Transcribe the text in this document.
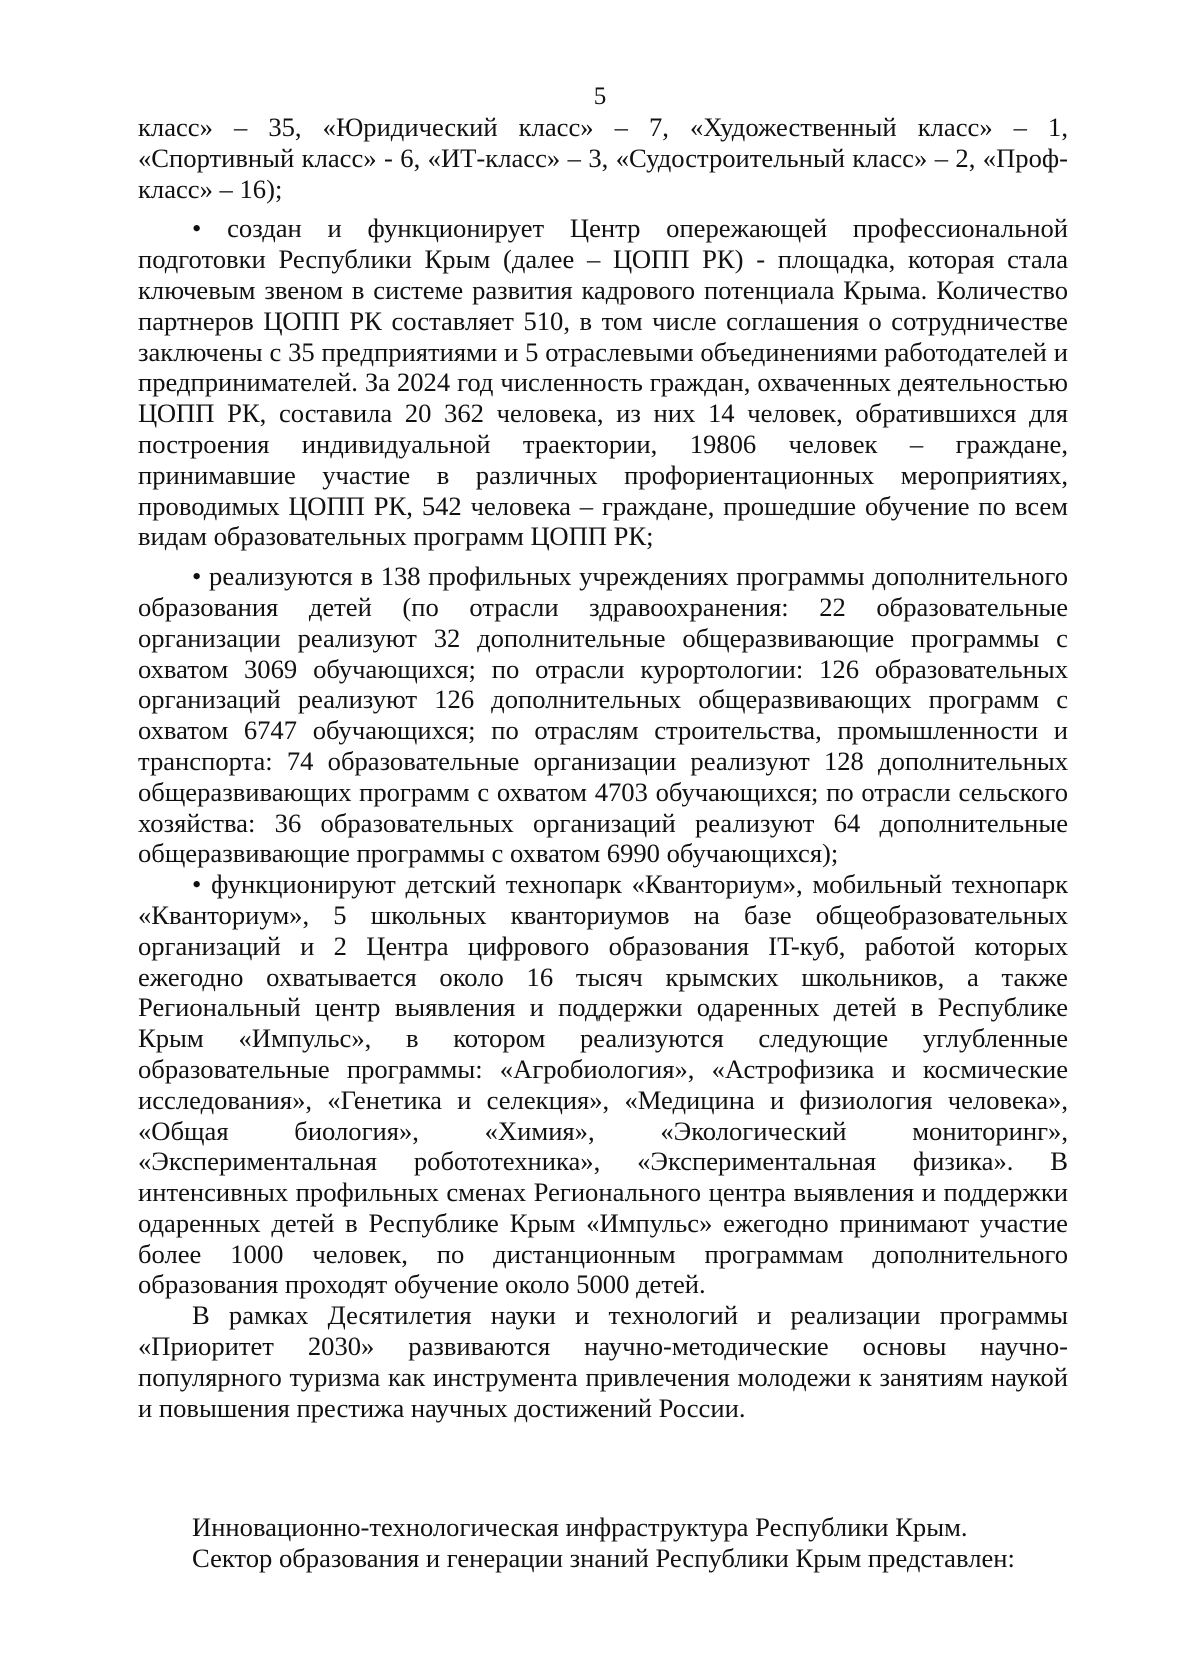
5

класс» – 35, «Юридический класс» – 7, «Художественный класс» – 1, «Спортивный класс» - 6, «ИТ-класс» – 3, «Судостроительный класс» – 2, «Проф-класс» – 16);

• создан и функционирует Центр опережающей профессиональной подготовки Республики Крым (далее – ЦОПП РК) - площадка, которая стала ключевым звеном в системе развития кадрового потенциала Крыма. Количество партнеров ЦОПП РК составляет 510, в том числе соглашения о сотрудничестве заключены с 35 предприятиями и 5 отраслевыми объединениями работодателей и предпринимателей. За 2024 год численность граждан, охваченных деятельностью ЦОПП РК, составила 20 362 человека, из них 14 человек, обратившихся для построения индивидуальной траектории, 19806 человек – граждане, принимавшие участие в различных профориентационных мероприятиях, проводимых ЦОПП РК, 542 человека – граждане, прошедшие обучение по всем видам образовательных программ ЦОПП РК;

• реализуются в 138 профильных учреждениях программы дополнительного образования детей (по отрасли здравоохранения: 22 образовательные организации реализуют 32 дополнительные общеразвивающие программы с охватом 3069 обучающихся; по отрасли курортологии: 126 образовательных организаций реализуют 126 дополнительных общеразвивающих программ с охватом 6747 обучающихся; по отраслям строительства, промышленности и транспорта: 74 образовательные организации реализуют 128 дополнительных общеразвивающих программ с охватом 4703 обучающихся; по отрасли сельского хозяйства: 36 образовательных организаций реализуют 64 дополнительные общеразвивающие программы с охватом 6990 обучающихся);

• функционируют детский технопарк «Кванториум», мобильный технопарк «Кванториум», 5 школьных кванториумов на базе общеобразовательных организаций и 2 Центра цифрового образования IT-куб, работой которых ежегодно охватывается около 16 тысяч крымских школьников, а также Региональный центр выявления и поддержки одаренных детей в Республике Крым «Импульс», в котором реализуются следующие углубленные образовательные программы: «Агробиология», «Астрофизика и космические исследования», «Генетика и селекция», «Медицина и физиология человека», «Общая биология», «Химия», «Экологический мониторинг», «Экспериментальная робототехника», «Экспериментальная физика». В интенсивных профильных сменах Регионального центра выявления и поддержки одаренных детей в Республике Крым «Импульс» ежегодно принимают участие более 1000 человек, по дистанционным программам дополнительного образования проходят обучение около 5000 детей.

В рамках Десятилетия науки и технологий и реализации программы «Приоритет 2030» развиваются научно-методические основы научно-популярного туризма как инструмента привлечения молодежи к занятиям наукой и повышения престижа научных достижений России.

Инновационно-технологическая инфраструктура Республики Крым.

Сектор образования и генерации знаний Республики Крым представлен:
